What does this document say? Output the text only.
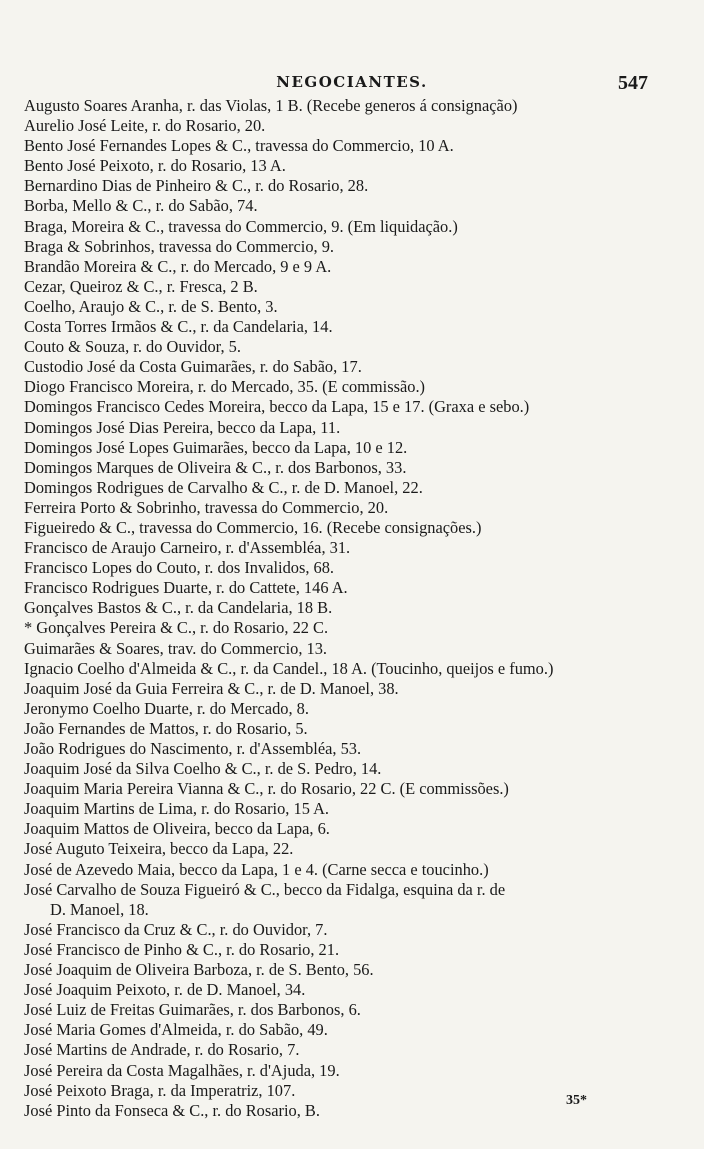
NEGOCIANTES.	547
Augusto Soares Aranha, r. das Violas, 1 B. (Recebe generos á consignação)
Aurelio José Leite, r. do Rosario, 20.
Bento José Fernandes Lopes & C., travessa do Commercio, 10 A.
Bento José Peixoto, r. do Rosario, 13 A.
Bernardino Dias de Pinheiro & C., r. do Rosario, 28.
Borba, Mello & C., r. do Sabão, 74.
Braga, Moreira & C., travessa do Commercio, 9. (Em liquidação.)
Braga & Sobrinhos, travessa do Commercio, 9.
Brandão Moreira & C., r. do Mercado, 9 e 9 A.
Cezar, Queiroz & C., r. Fresca, 2 B.
Coelho, Araujo & C., r. de S. Bento, 3.
Costa Torres Irmãos & C., r. da Candelaria, 14.
Couto & Souza, r. do Ouvidor, 5.
Custodio José da Costa Guimarães, r. do Sabão, 17.
Diogo Francisco Moreira, r. do Mercado, 35. (E commissão.)
Domingos Francisco Cedes Moreira, becco da Lapa, 15 e 17. (Graxa e sebo.)
Domingos José Dias Pereira, becco da Lapa, 11.
Domingos José Lopes Guimarães, becco da Lapa, 10 e 12.
Domingos Marques de Oliveira & C., r. dos Barbonos, 33.
Domingos Rodrigues de Carvalho & C., r. de D. Manoel, 22.
Ferreira Porto & Sobrinho, travessa do Commercio, 20.
Figueiredo & C., travessa do Commercio, 16. (Recebe consignações.)
Francisco de Araujo Carneiro, r. d'Assembléa, 31.
Francisco Lopes do Couto, r. dos Invalidos, 68.
Francisco Rodrigues Duarte, r. do Cattete, 146 A.
Gonçalves Bastos & C., r. da Candelaria, 18 B.
* Gonçalves Pereira & C., r. do Rosario, 22 C.
Guimarães & Soares, trav. do Commercio, 13.
Ignacio Coelho d'Almeida & C., r. da Candel., 18 A. (Toucinho, queijos e fumo.)
Joaquim José da Guia Ferreira & C., r. de D. Manoel, 38.
Jeronymo Coelho Duarte, r. do Mercado, 8.
João Fernandes de Mattos, r. do Rosario, 5.
João Rodrigues do Nascimento, r. d'Assembléa, 53.
Joaquim José da Silva Coelho & C., r. de S. Pedro, 14.
Joaquim Maria Pereira Vianna & C., r. do Rosario, 22 C. (E commissões.)
Joaquim Martins de Lima, r. do Rosario, 15 A.
Joaquim Mattos de Oliveira, becco da Lapa, 6.
José Auguto Teixeira, becco da Lapa, 22.
José de Azevedo Maia, becco da Lapa, 1 e 4. (Carne secca e toucinho.)
José Carvalho de Souza Figueiró & C., becco da Fidalga, esquina da r. de
D. Manoel, 18.
José Francisco da Cruz & C., r. do Ouvidor, 7.
José Francisco de Pinho & C., r. do Rosario, 21.
José Joaquim de Oliveira Barboza, r. de S. Bento, 56.
José Joaquim Peixoto, r. de D. Manoel, 34.
José Luiz de Freitas Guimarães, r. dos Barbonos, 6.
José Maria Gomes d'Almeida, r. do Sabão, 49.
José Martins de Andrade, r. do Rosario, 7.
José Pereira da Costa Magalhães, r. d'Ajuda, 19.
José Peixoto Braga, r. da Imperatriz, 107.
José Pinto da Fonseca & C., r. do Rosario, B.
35*
